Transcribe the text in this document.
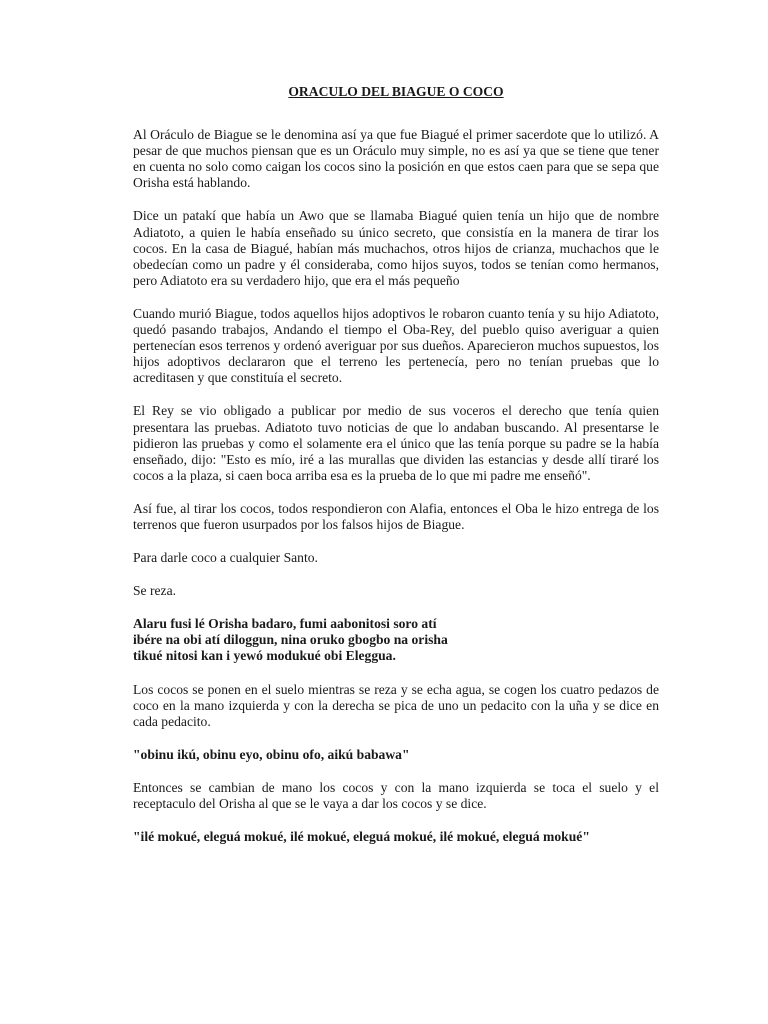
ORACULO DEL BIAGUE O COCO

Al Oráculo de Biague se le denomina así ya que fue Biagué el primer sacerdote que lo utilizó. A pesar de que muchos piensan que es un Oráculo muy simple, no es así ya que se tiene que tener en cuenta no solo como caigan los cocos sino la posición en que estos caen para que se sepa que Orisha está hablando.

Dice un patakí que había un Awo que se llamaba Biagué quien tenía un hijo que de nombre Adiatoto, a quien le había enseñado su único secreto, que consistía en la manera de tirar los cocos. En la casa de Biagué, habían más muchachos, otros hijos de crianza, muchachos que le obedecían como un padre y él consideraba, como hijos suyos, todos se tenían como hermanos, pero Adiatoto era su verdadero hijo, que era el más pequeño

Cuando murió Biague, todos aquellos hijos adoptivos le robaron cuanto tenía y su hijo Adiatoto, quedó pasando trabajos, Andando el tiempo el Oba-Rey, del pueblo quiso averiguar a quien pertenecían esos terrenos y ordenó averiguar por sus dueños. Aparecieron muchos supuestos, los hijos adoptivos declararon que el terreno les pertenecía, pero no tenían pruebas que lo acreditasen y que constituía el secreto.

El Rey se vio obligado a publicar por medio de sus voceros el derecho que tenía quien presentara las pruebas. Adiatoto tuvo noticias de que lo andaban buscando. Al presentarse le pidieron las pruebas y como el solamente era el único que las tenía porque su padre se la había enseñado, dijo: "Esto es mío, iré a las murallas que dividen las estancias y desde allí tiraré los cocos a la plaza, si caen boca arriba esa es la prueba de lo que mi padre me enseñó".

Así fue, al tirar los cocos, todos respondieron con Alafia, entonces el Oba le hizo entrega de los terrenos que fueron usurpados por los falsos hijos de Biague.

Para darle coco a cualquier Santo.

Se reza.

Alaru fusi lé Orisha badaro, fumi aabonitosi soro atí
ibére na obi atí diloggun, nina oruko gbogbo na orisha
tikué nitosi kan i yewó modukué obi Eleggua.

Los cocos se ponen en el suelo mientras se reza y se echa agua, se cogen los cuatro pedazos de coco en la mano izquierda y con la derecha se pica de uno un pedacito con la uña y se dice en cada pedacito.

"obinu ikú, obinu eyo, obinu ofo, aikú babawa"

Entonces se cambian de mano los cocos y con la mano izquierda se toca el suelo y el receptaculo del Orisha al que se le vaya a dar los cocos y se dice.

"ilé mokué, eleguá mokué, ilé mokué, eleguá mokué, ilé mokué, eleguá mokué"
